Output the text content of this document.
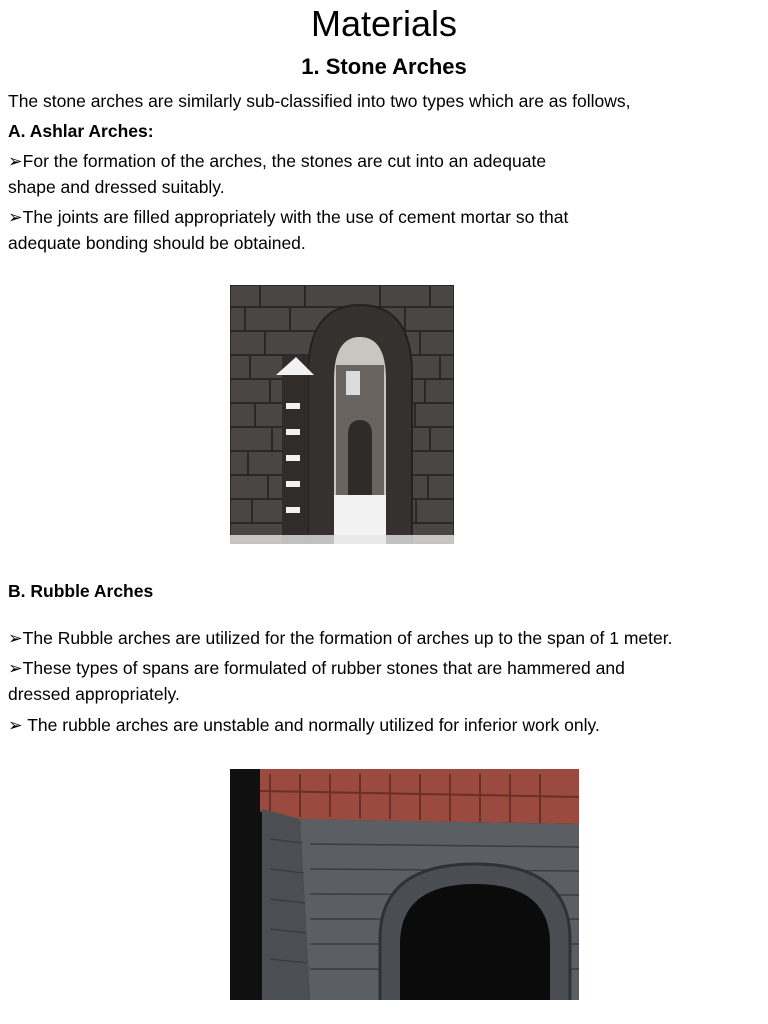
Materials
1. Stone Arches
The stone arches are similarly sub-classified into two types which are as follows,
A. Ashlar Arches:
➢For the formation of the arches, the stones are cut into an adequate
shape and dressed suitably.
➢The joints are filled appropriately with the use of cement mortar so that
adequate bonding should be obtained.
B. Rubble Arches
➢The Rubble arches are utilized for the formation of arches up to the span of 1 meter.
➢These types of spans are formulated of rubber stones that are hammered and
dressed appropriately.
➢ The rubble arches are unstable and normally utilized for inferior work only.
